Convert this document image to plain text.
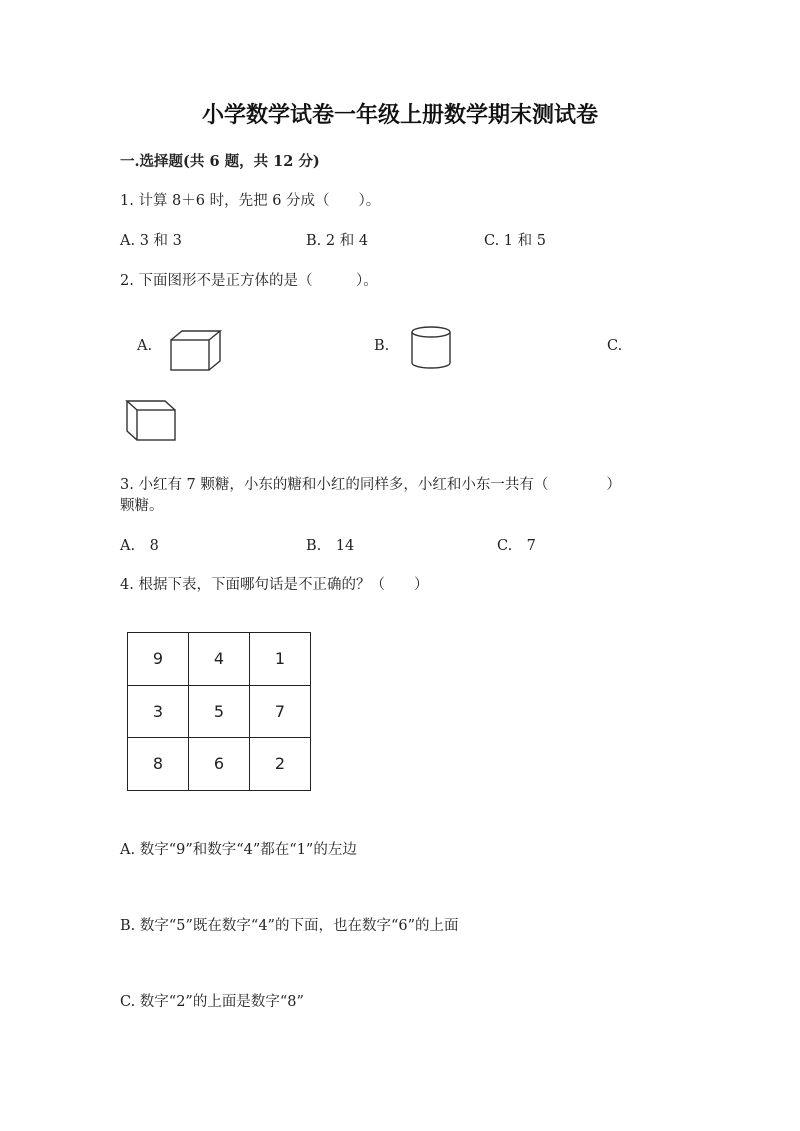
小学数学试卷一年级上册数学期末测试卷
一.选择题(共 6 题，共 12 分)
1. 计算 8＋6 时，先把 6 分成（　　）。
A. 3 和 3	B. 2 和 4	C. 1 和 5
2. 下面图形不是正方体的是（　　　）。
A.	B.	C.
3. 小红有 7 颗糖，小东的糖和小红的同样多，小红和小东一共有（　　　　）
颗糖。
A.　8	B.　14	C.　7
4. 根据下表，下面哪句话是不正确的？（　　）
9	4	1
3	5	7
8	6	2
A. 数字“9”和数字“4”都在“1”的左边
B. 数字“5”既在数字“4”的下面，也在数字“6”的上面
C. 数字“2”的上面是数字“8”
